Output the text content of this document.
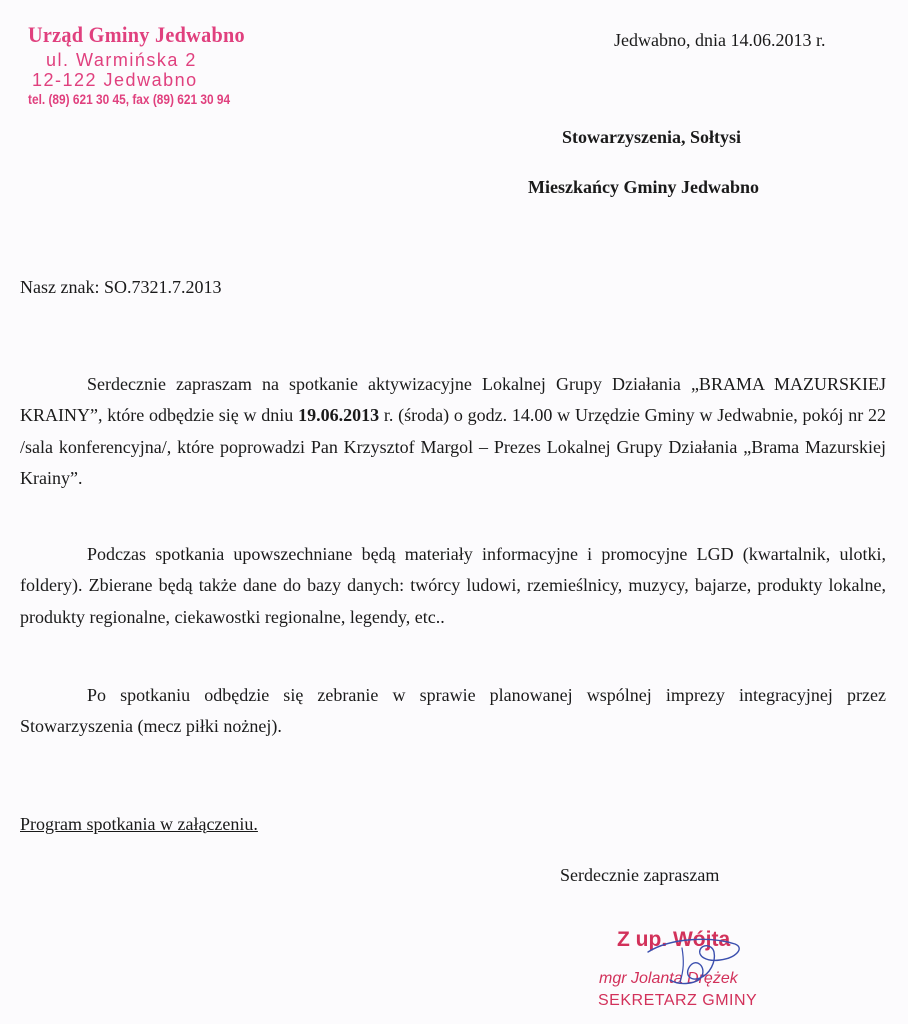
Urząd Gminy Jedwabno
ul. Warmińska 2
12-122 Jedwabno
tel. (89) 621 30 45, fax (89) 621 30 94
Jedwabno, dnia 14.06.2013 r.
Stowarzyszenia, Sołtysi
Mieszkańcy Gminy Jedwabno
Nasz znak: SO.7321.7.2013

Serdecznie zapraszam na spotkanie aktywizacyjne Lokalnej Grupy Działania „BRAMA MAZURSKIEJ KRAINY”, które odbędzie się w dniu 19.06.2013 r. (środa) o godz. 14.00 w Urzędzie Gminy w Jedwabnie, pokój nr 22 /sala konferencyjna/, które poprowadzi Pan Krzysztof Margol – Prezes Lokalnej Grupy Działania „Brama Mazurskiej Krainy”.

Podczas spotkania upowszechniane będą materiały informacyjne i promocyjne LGD (kwartalnik, ulotki, foldery). Zbierane będą także dane do bazy danych: twórcy ludowi, rzemieślnicy, muzycy, bajarze, produkty lokalne, produkty regionalne, ciekawostki regionalne, legendy, etc..

Po spotkaniu odbędzie się zebranie w sprawie planowanej wspólnej imprezy integracyjnej przez Stowarzyszenia (mecz piłki nożnej).

Program spotkania w załączeniu.
Serdecznie zapraszam
Z up. Wójta
mgr Jolanta Drężek
SEKRETARZ GMINY
